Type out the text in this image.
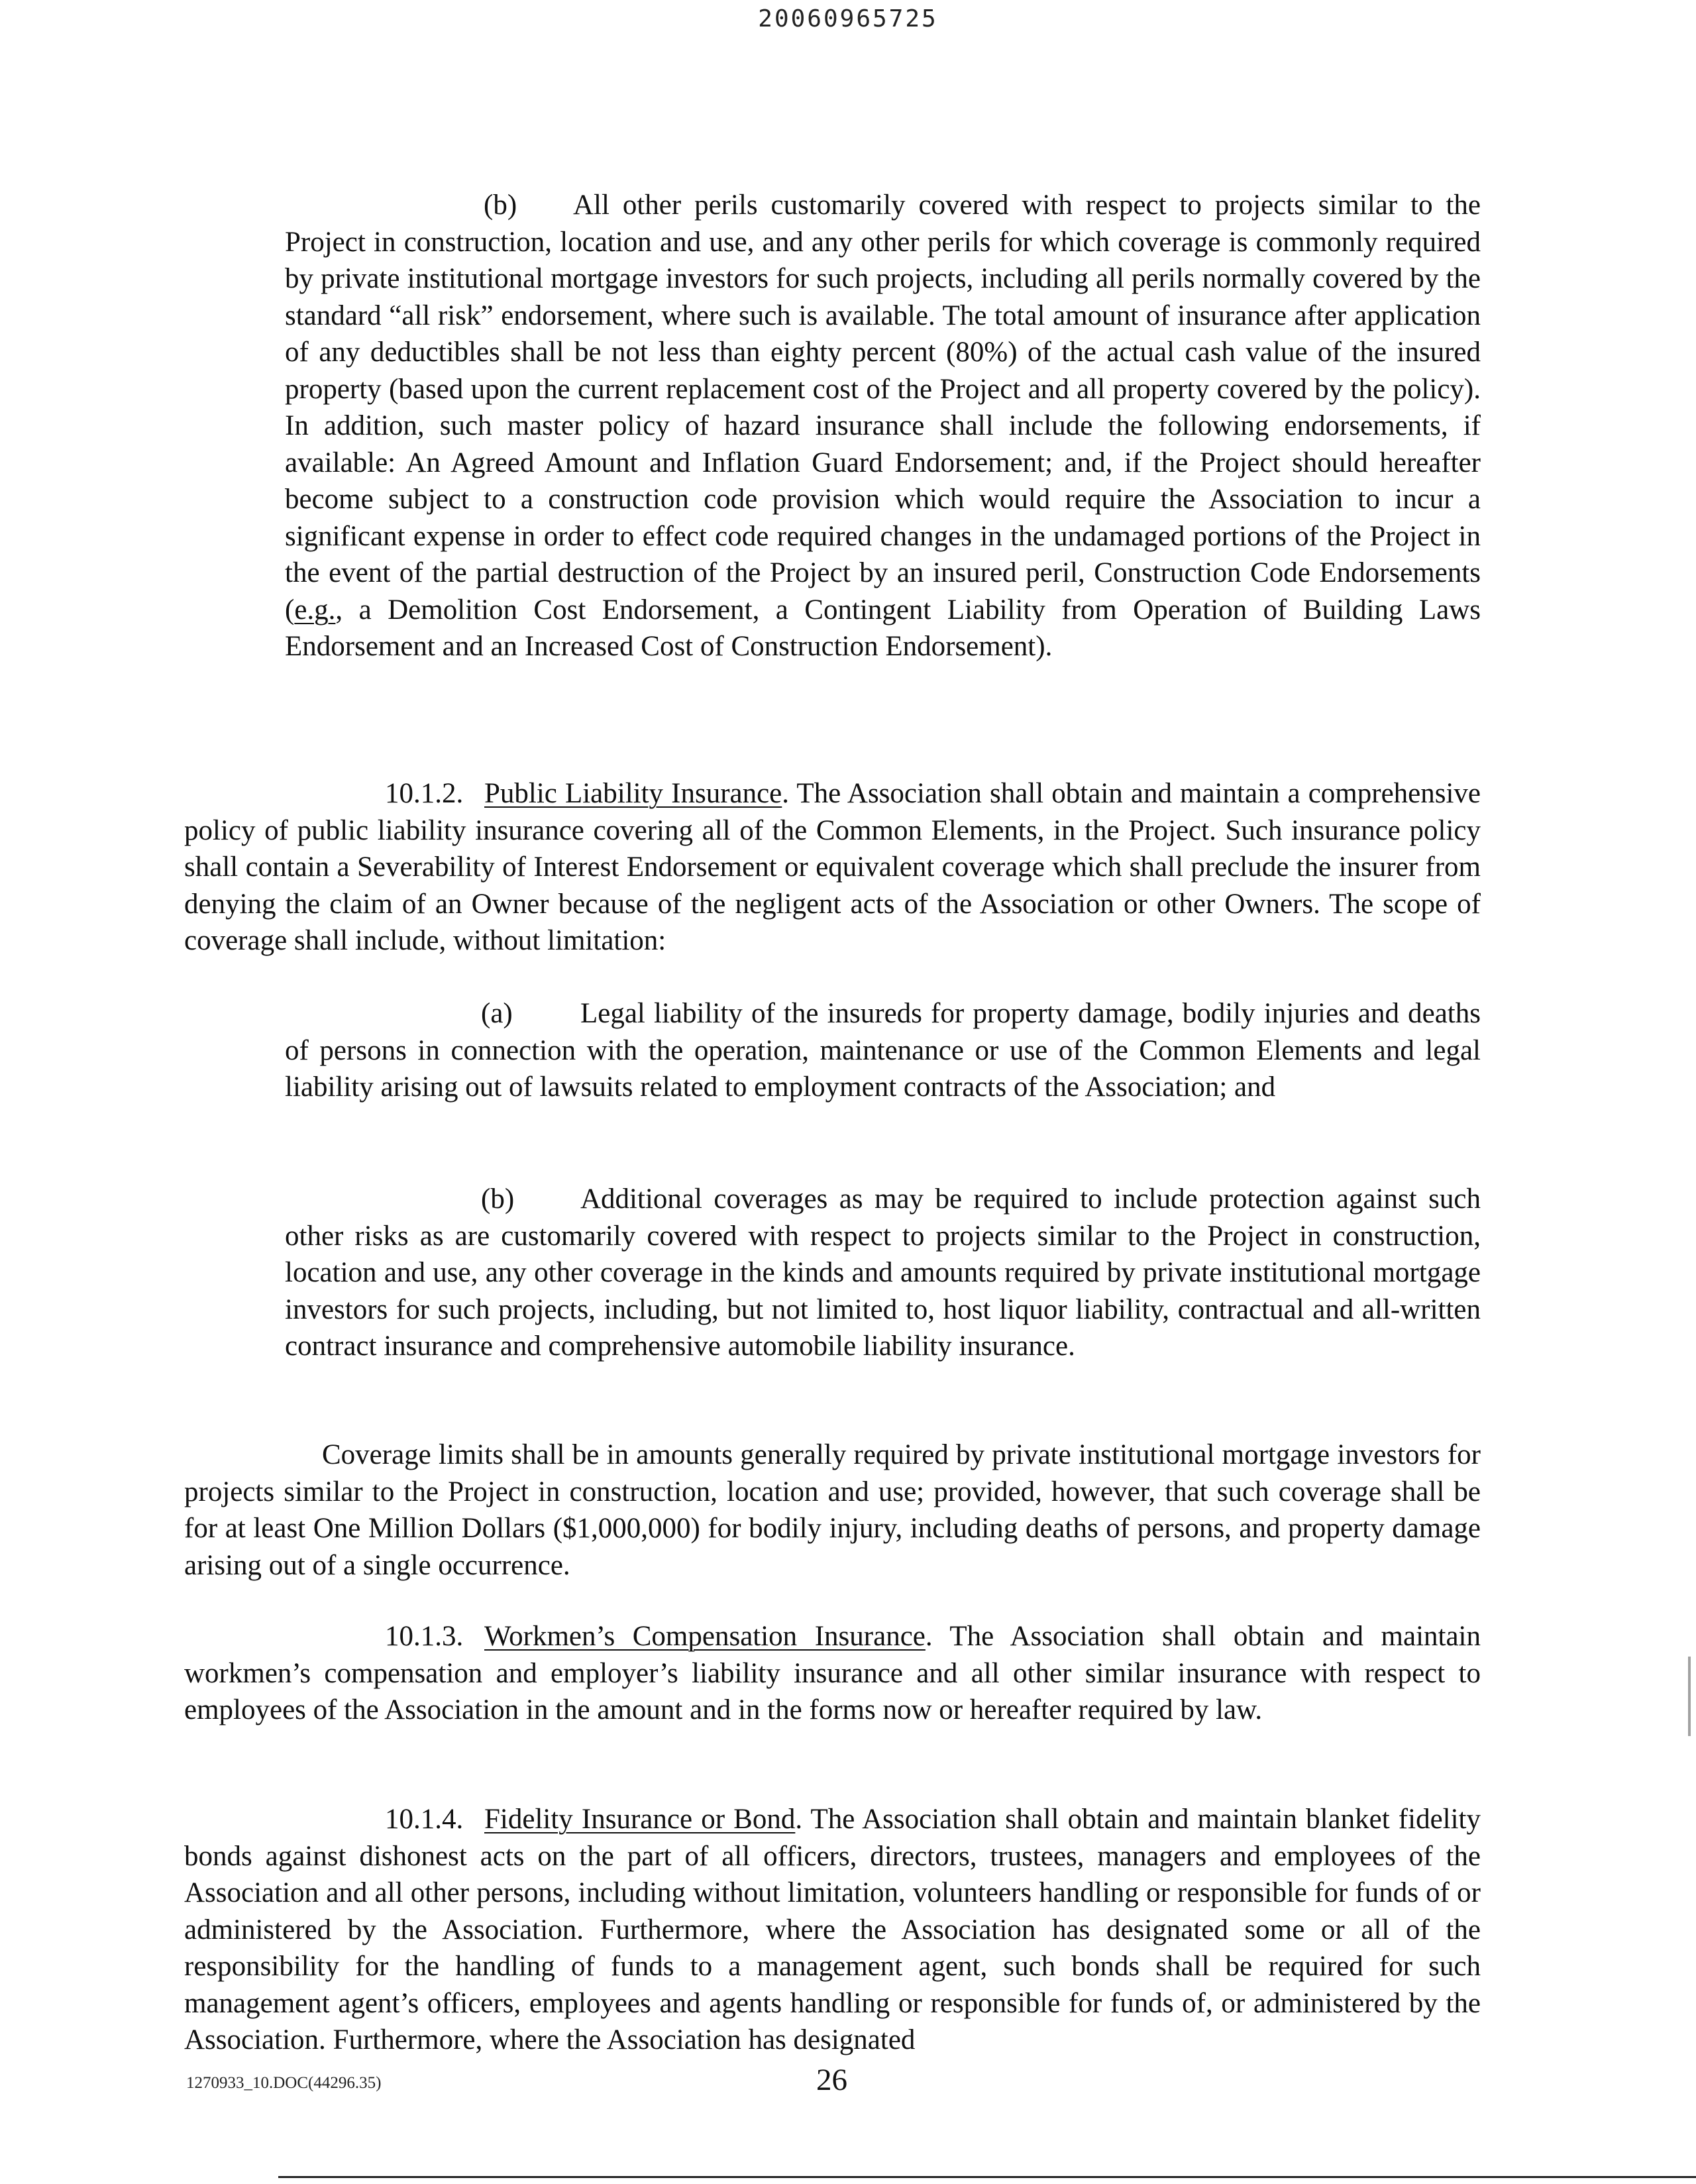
20060965725

(b) All other perils customarily covered with respect to projects similar to the Project in construction, location and use, and any other perils for which coverage is commonly required by private institutional mortgage investors for such projects, including all perils normally covered by the standard “all risk” endorsement, where such is available. The total amount of insurance after application of any deductibles shall be not less than eighty percent (80%) of the actual cash value of the insured property (based upon the current replacement cost of the Project and all property covered by the policy). In addition, such master policy of hazard insurance shall include the following endorsements, if available: An Agreed Amount and Inflation Guard Endorsement; and, if the Project should hereafter become subject to a construction code provision which would require the Association to incur a significant expense in order to effect code required changes in the undamaged portions of the Project in the event of the partial destruction of the Project by an insured peril, Construction Code Endorsements (e.g., a Demolition Cost Endorsement, a Contingent Liability from Operation of Building Laws Endorsement and an Increased Cost of Construction Endorsement).

10.1.2. Public Liability Insurance. The Association shall obtain and maintain a comprehensive policy of public liability insurance covering all of the Common Elements, in the Project. Such insurance policy shall contain a Severability of Interest Endorsement or equivalent coverage which shall preclude the insurer from denying the claim of an Owner because of the negligent acts of the Association or other Owners. The scope of coverage shall include, without limitation:

(a) Legal liability of the insureds for property damage, bodily injuries and deaths of persons in connection with the operation, maintenance or use of the Common Elements and legal liability arising out of lawsuits related to employment contracts of the Association; and

(b) Additional coverages as may be required to include protection against such other risks as are customarily covered with respect to projects similar to the Project in construction, location and use, any other coverage in the kinds and amounts required by private institutional mortgage investors for such projects, including, but not limited to, host liquor liability, contractual and all-written contract insurance and comprehensive automobile liability insurance.

Coverage limits shall be in amounts generally required by private institutional mortgage investors for projects similar to the Project in construction, location and use; provided, however, that such coverage shall be for at least One Million Dollars ($1,000,000) for bodily injury, including deaths of persons, and property damage arising out of a single occurrence.

10.1.3. Workmen’s Compensation Insurance. The Association shall obtain and maintain workmen’s compensation and employer’s liability insurance and all other similar insurance with respect to employees of the Association in the amount and in the forms now or hereafter required by law.

10.1.4. Fidelity Insurance or Bond. The Association shall obtain and maintain blanket fidelity bonds against dishonest acts on the part of all officers, directors, trustees, managers and employees of the Association and all other persons, including without limitation, volunteers handling or responsible for funds of or administered by the Association. Furthermore, where the Association has designated some or all of the responsibility for the handling of funds to a management agent, such bonds shall be required for such management agent’s officers, employees and agents handling or responsible for funds of, or administered by the Association. Furthermore, where the Association has designated

1270933_10.DOC(44296.35)	26
